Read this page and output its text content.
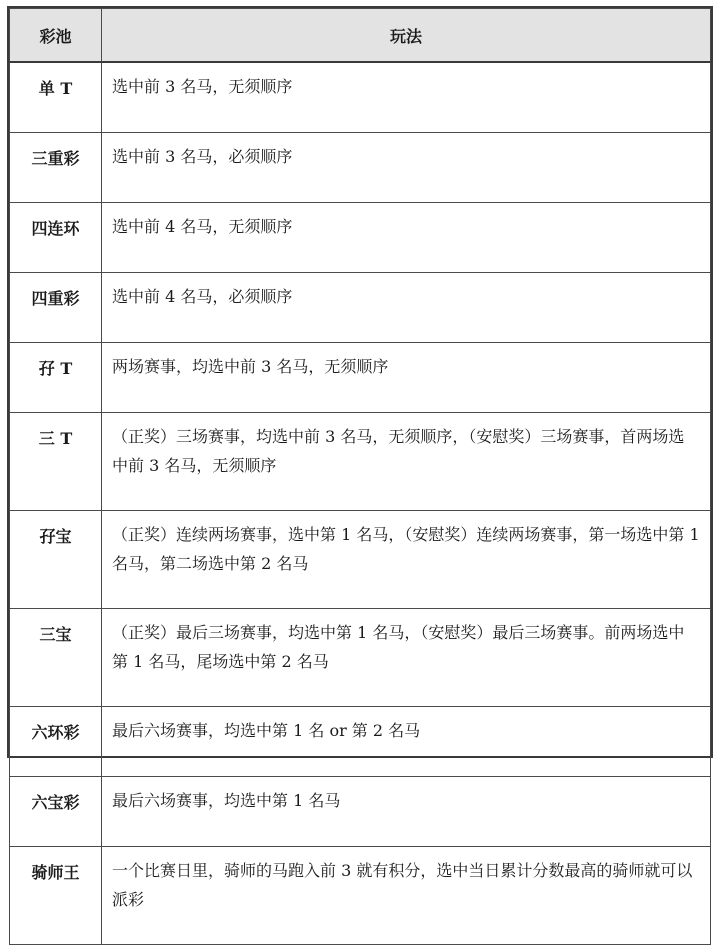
彩池	玩法
单 T	选中前 3 名马，无须顺序
三重彩	选中前 3 名马，必须顺序
四连环	选中前 4 名马，无须顺序
四重彩	选中前 4 名马，必须顺序
孖 T	两场赛事，均选中前 3 名马，无须顺序
三 T	（正奖）三场赛事，均选中前 3 名马，无须顺序，（安慰奖）三场赛事，首两场选中前 3 名马，无须顺序
孖宝	（正奖）连续两场赛事，选中第 1 名马，（安慰奖）连续两场赛事，第一场选中第 1 名马，第二场选中第 2 名马
三宝	（正奖）最后三场赛事，均选中第 1 名马，（安慰奖）最后三场赛事。前两场选中第 1 名马，尾场选中第 2 名马
六环彩	最后六场赛事，均选中第 1 名 or 第 2 名马
六宝彩	最后六场赛事，均选中第 1 名马
骑师王	一个比赛日里，骑师的马跑入前 3 就有积分，选中当日累计分数最高的骑师就可以派彩
